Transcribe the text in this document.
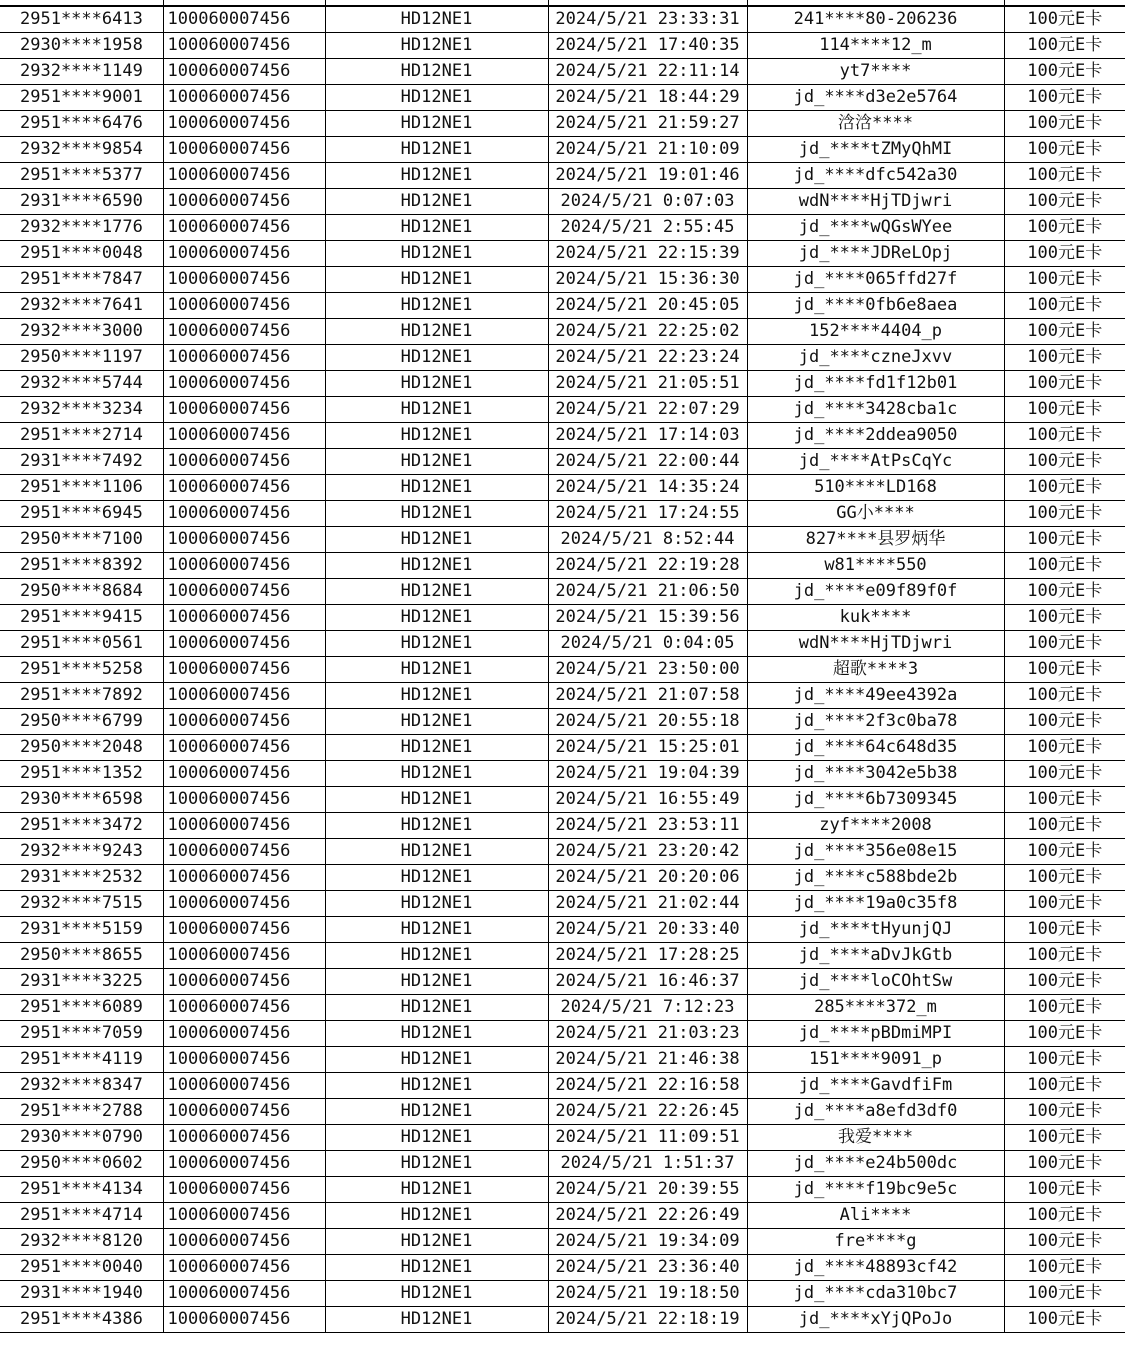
2951****6413	100060007456	HD12NE1	2024/5/21 23:33:31	241****80-206236	100元E卡
2930****1958	100060007456	HD12NE1	2024/5/21 17:40:35	114****12_m	100元E卡
2932****1149	100060007456	HD12NE1	2024/5/21 22:11:14	yt7****	100元E卡
2951****9001	100060007456	HD12NE1	2024/5/21 18:44:29	jd_****d3e2e5764	100元E卡
2951****6476	100060007456	HD12NE1	2024/5/21 21:59:27	浛浛****	100元E卡
2932****9854	100060007456	HD12NE1	2024/5/21 21:10:09	jd_****tZMyQhMI	100元E卡
2951****5377	100060007456	HD12NE1	2024/5/21 19:01:46	jd_****dfc542a30	100元E卡
2931****6590	100060007456	HD12NE1	2024/5/21 0:07:03	wdN****HjTDjwri	100元E卡
2932****1776	100060007456	HD12NE1	2024/5/21 2:55:45	jd_****wQGsWYee	100元E卡
2951****0048	100060007456	HD12NE1	2024/5/21 22:15:39	jd_****JDReLOpj	100元E卡
2951****7847	100060007456	HD12NE1	2024/5/21 15:36:30	jd_****065ffd27f	100元E卡
2932****7641	100060007456	HD12NE1	2024/5/21 20:45:05	jd_****0fb6e8aea	100元E卡
2932****3000	100060007456	HD12NE1	2024/5/21 22:25:02	152****4404_p	100元E卡
2950****1197	100060007456	HD12NE1	2024/5/21 22:23:24	jd_****czneJxvv	100元E卡
2932****5744	100060007456	HD12NE1	2024/5/21 21:05:51	jd_****fd1f12b01	100元E卡
2932****3234	100060007456	HD12NE1	2024/5/21 22:07:29	jd_****3428cba1c	100元E卡
2951****2714	100060007456	HD12NE1	2024/5/21 17:14:03	jd_****2ddea9050	100元E卡
2931****7492	100060007456	HD12NE1	2024/5/21 22:00:44	jd_****AtPsCqYc	100元E卡
2951****1106	100060007456	HD12NE1	2024/5/21 14:35:24	510****LD168	100元E卡
2951****6945	100060007456	HD12NE1	2024/5/21 17:24:55	GG小****	100元E卡
2950****7100	100060007456	HD12NE1	2024/5/21 8:52:44	827****县罗炳华	100元E卡
2951****8392	100060007456	HD12NE1	2024/5/21 22:19:28	w81****550	100元E卡
2950****8684	100060007456	HD12NE1	2024/5/21 21:06:50	jd_****e09f89f0f	100元E卡
2951****9415	100060007456	HD12NE1	2024/5/21 15:39:56	kuk****	100元E卡
2951****0561	100060007456	HD12NE1	2024/5/21 0:04:05	wdN****HjTDjwri	100元E卡
2951****5258	100060007456	HD12NE1	2024/5/21 23:50:00	超歌****3	100元E卡
2951****7892	100060007456	HD12NE1	2024/5/21 21:07:58	jd_****49ee4392a	100元E卡
2950****6799	100060007456	HD12NE1	2024/5/21 20:55:18	jd_****2f3c0ba78	100元E卡
2950****2048	100060007456	HD12NE1	2024/5/21 15:25:01	jd_****64c648d35	100元E卡
2951****1352	100060007456	HD12NE1	2024/5/21 19:04:39	jd_****3042e5b38	100元E卡
2930****6598	100060007456	HD12NE1	2024/5/21 16:55:49	jd_****6b7309345	100元E卡
2951****3472	100060007456	HD12NE1	2024/5/21 23:53:11	zyf****2008	100元E卡
2932****9243	100060007456	HD12NE1	2024/5/21 23:20:42	jd_****356e08e15	100元E卡
2931****2532	100060007456	HD12NE1	2024/5/21 20:20:06	jd_****c588bde2b	100元E卡
2932****7515	100060007456	HD12NE1	2024/5/21 21:02:44	jd_****19a0c35f8	100元E卡
2931****5159	100060007456	HD12NE1	2024/5/21 20:33:40	jd_****tHyunjQJ	100元E卡
2950****8655	100060007456	HD12NE1	2024/5/21 17:28:25	jd_****aDvJkGtb	100元E卡
2931****3225	100060007456	HD12NE1	2024/5/21 16:46:37	jd_****loCOhtSw	100元E卡
2951****6089	100060007456	HD12NE1	2024/5/21 7:12:23	285****372_m	100元E卡
2951****7059	100060007456	HD12NE1	2024/5/21 21:03:23	jd_****pBDmiMPI	100元E卡
2951****4119	100060007456	HD12NE1	2024/5/21 21:46:38	151****9091_p	100元E卡
2932****8347	100060007456	HD12NE1	2024/5/21 22:16:58	jd_****GavdfiFm	100元E卡
2951****2788	100060007456	HD12NE1	2024/5/21 22:26:45	jd_****a8efd3df0	100元E卡
2930****0790	100060007456	HD12NE1	2024/5/21 11:09:51	我爱****	100元E卡
2950****0602	100060007456	HD12NE1	2024/5/21 1:51:37	jd_****e24b500dc	100元E卡
2951****4134	100060007456	HD12NE1	2024/5/21 20:39:55	jd_****f19bc9e5c	100元E卡
2951****4714	100060007456	HD12NE1	2024/5/21 22:26:49	Ali****	100元E卡
2932****8120	100060007456	HD12NE1	2024/5/21 19:34:09	fre****g	100元E卡
2951****0040	100060007456	HD12NE1	2024/5/21 23:36:40	jd_****48893cf42	100元E卡
2931****1940	100060007456	HD12NE1	2024/5/21 19:18:50	jd_****cda310bc7	100元E卡
2951****4386	100060007456	HD12NE1	2024/5/21 22:18:19	jd_****xYjQPoJo	100元E卡
